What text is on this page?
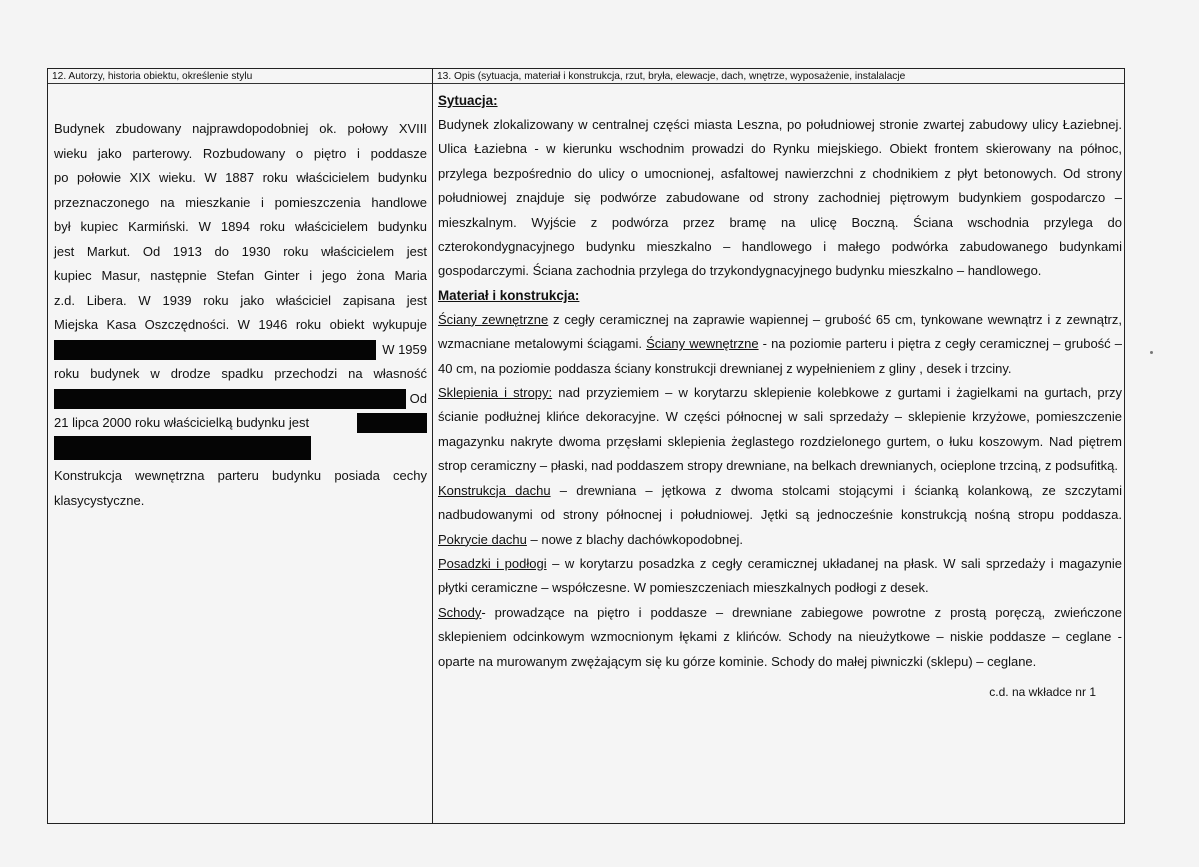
12. Autorzy, historia obiektu, określenie stylu	13. Opis (sytuacja, materiał i konstrukcja, rzut, bryła, elewacje, dach, wnętrze, wyposażenie, instalalacje

Budynek zbudowany najprawdopodobniej ok. połowy XVIII

wieku jako parterowy. Rozbudowany o piętro i poddasze

po połowie XIX wieku. W 1887 roku właścicielem budynku

przeznaczonego na mieszkanie i pomieszczenia handlowe

był kupiec Karmiński. W 1894 roku właścicielem budynku

jest Markut. Od 1913 do 1930 roku właścicielem jest

kupiec Masur, następnie Stefan Ginter i jego żona Maria

z.d. Libera. W 1939 roku jako właściciel zapisana jest

Miejska Kasa Oszczędności. W 1946 roku obiekt wykupuje

W 1959

roku budynek w drodze spadku przechodzi na własność

Od
21 lipca 2000 roku właścicielką budynku jest

Konstrukcja wewnętrzna parteru budynku posiada cechy

klasycystyczne.

Sytuacja:

Budynek zlokalizowany w centralnej części miasta Leszna, po południowej stronie zwartej zabudowy ulicy Łaziebnej. Ulica Łaziebna - w kierunku wschodnim prowadzi do Rynku miejskiego. Obiekt frontem skierowany na północ, przylega bezpośrednio do ulicy o umocnionej, asfaltowej nawierzchni z chodnikiem z płyt betonowych. Od strony południowej znajduje się podwórze zabudowane od strony zachodniej piętrowym budynkiem gospodarczo – mieszkalnym. Wyjście z podwórza przez bramę na ulicę Boczną. Ściana wschodnia przylega do czterokondygnacyjnego budynku mieszkalno – handlowego i małego podwórka zabudowanego budynkami gospodarczymi. Ściana zachodnia przylega do trzykondygnacyjnego budynku mieszkalno – handlowego.

Materiał i konstrukcja:

Ściany zewnętrzne z cegły ceramicznej na zaprawie wapiennej – grubość 65 cm, tynkowane wewnątrz i z zewnątrz, wzmacniane metalowymi ściągami. Ściany wewnętrzne - na poziomie parteru i piętra z cegły ceramicznej – grubość – 40 cm, na poziomie poddasza ściany konstrukcji drewnianej z wypełnieniem z gliny , desek i trzciny.

Sklepienia i stropy: nad przyziemiem – w korytarzu sklepienie kolebkowe z gurtami i żagielkami na gurtach, przy ścianie podłużnej klińce dekoracyjne. W części północnej w sali sprzedaży – sklepienie krzyżowe, pomieszczenie magazynku nakryte dwoma przęsłami sklepienia żeglastego rozdzielonego gurtem, o łuku koszowym. Nad piętrem strop ceramiczny – płaski, nad poddaszem stropy drewniane, na belkach drewnianych, ocieplone trzciną, z podsufitką.

Konstrukcja dachu – drewniana – jętkowa z dwoma stolcami stojącymi i ścianką kolankową, ze szczytami nadbudowanymi od strony północnej i południowej. Jętki są jednocześnie konstrukcją nośną stropu poddasza. Pokrycie dachu – nowe z blachy dachówkopodobnej.

Posadzki i podłogi – w korytarzu posadzka z cegły ceramicznej układanej na płask. W sali sprzedaży i magazynie płytki ceramiczne – współczesne. W pomieszczeniach mieszkalnych podłogi z desek.

Schody- prowadzące na piętro i poddasze – drewniane zabiegowe powrotne z prostą poręczą, zwieńczone sklepieniem odcinkowym wzmocnionym łękami z klińców. Schody na nieużytkowe – niskie poddasze – ceglane - oparte na murowanym zwężającym się ku górze kominie. Schody do małej piwniczki (sklepu) – ceglane.

c.d. na wkładce nr 1
